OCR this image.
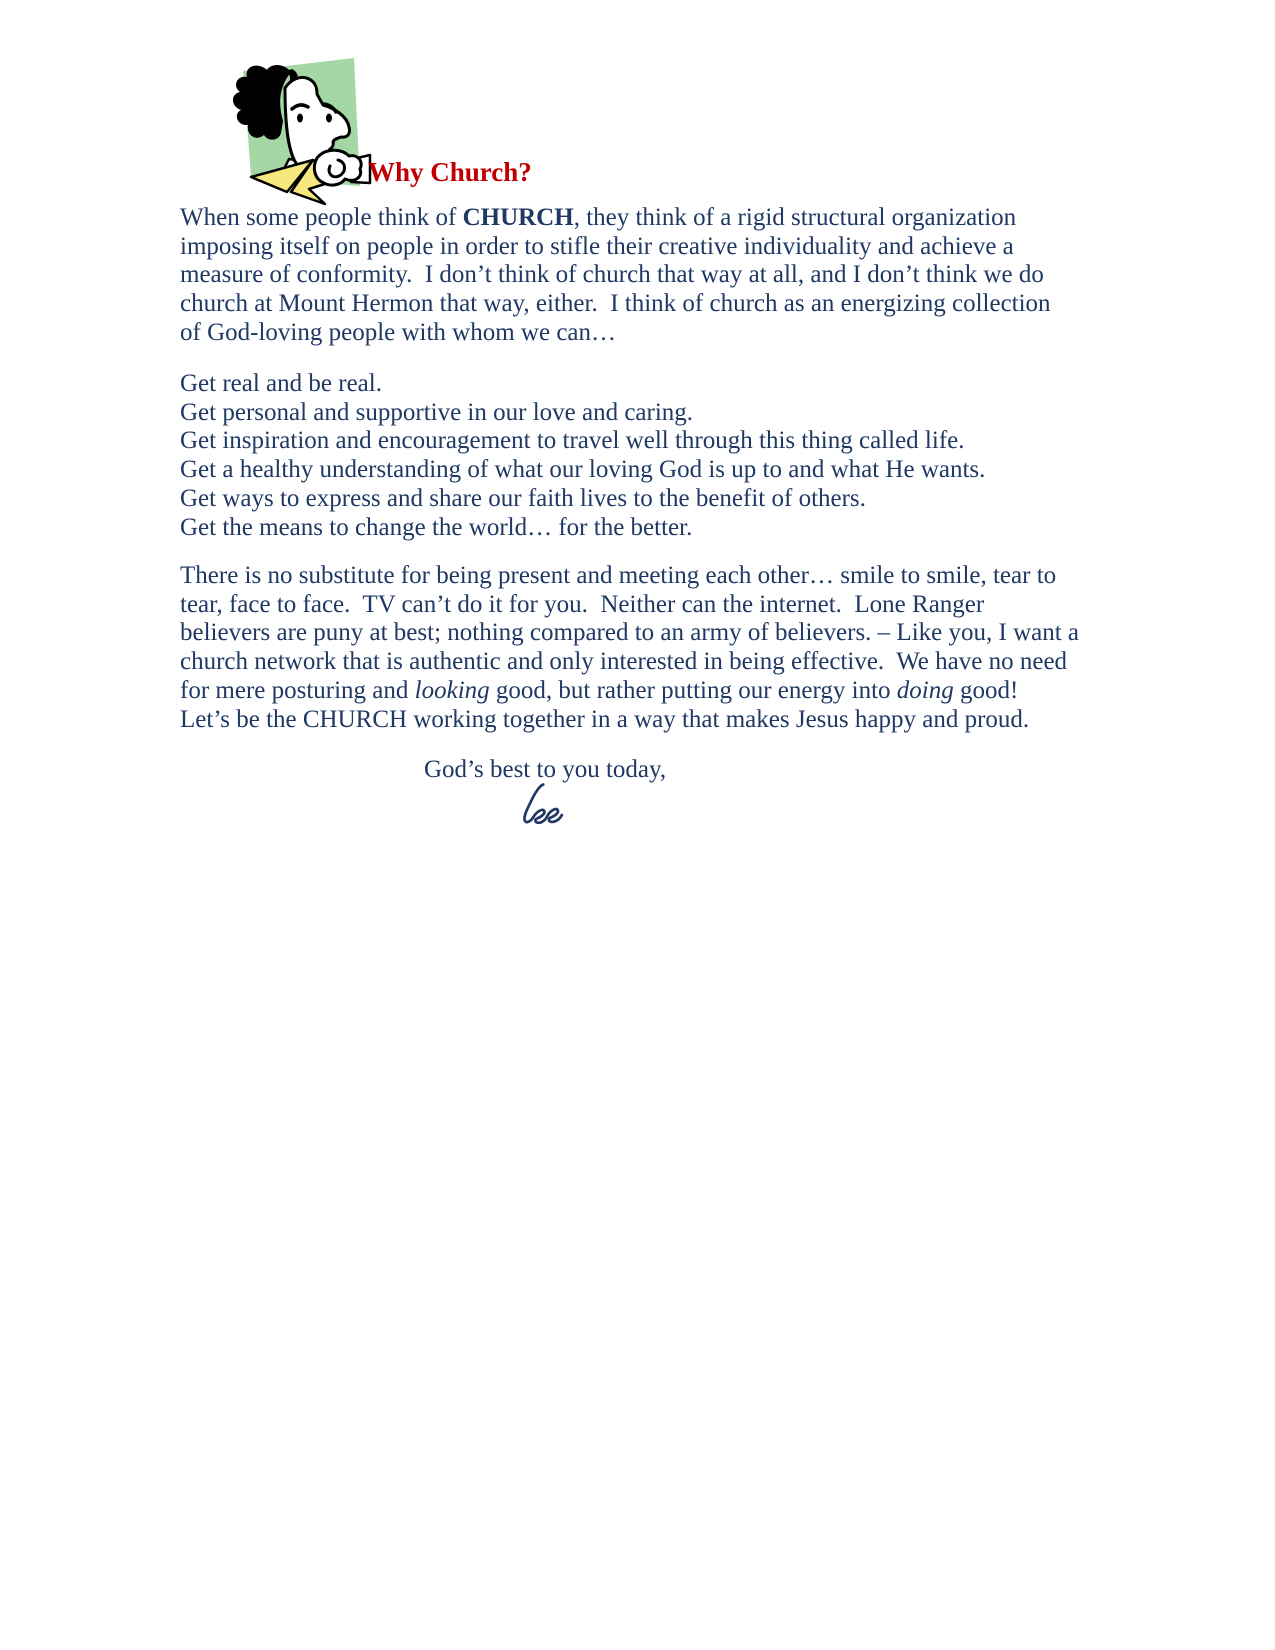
Why Church?
When some people think of CHURCH, they think of a rigid structural organization
imposing itself on people in order to stifle their creative individuality and achieve a
measure of conformity.  I don’t think of church that way at all, and I don’t think we do
church at Mount Hermon that way, either.  I think of church as an energizing collection
of God-loving people with whom we can…
Get real and be real.
Get personal and supportive in our love and caring.
Get inspiration and encouragement to travel well through this thing called life.
Get a healthy understanding of what our loving God is up to and what He wants.
Get ways to express and share our faith lives to the benefit of others.
Get the means to change the world… for the better.
There is no substitute for being present and meeting each other… smile to smile, tear to
tear, face to face.  TV can’t do it for you.  Neither can the internet.  Lone Ranger
believers are puny at best; nothing compared to an army of believers. – Like you, I want a
church network that is authentic and only interested in being effective.  We have no need
for mere posturing and looking good, but rather putting our energy into doing good!
Let’s be the CHURCH working together in a way that makes Jesus happy and proud.
God’s best to you today,
